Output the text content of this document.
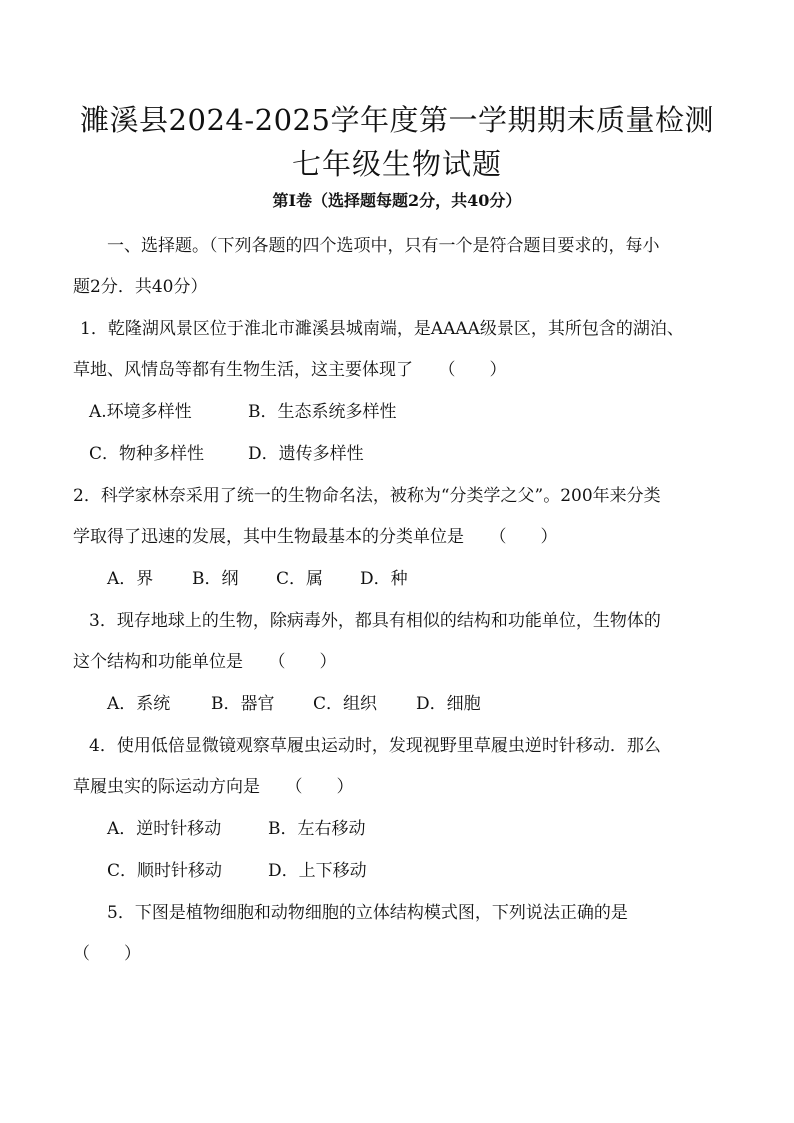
濉溪县2024-2025学年度第一学期期末质量检测
七年级生物试题
第Ⅰ卷（选择题每题2分，共40分）
一、选择题。（下列各题的四个选项中，只有一个是符合题目要求的，每小
题2分．共40分）
1．乾隆湖风景区位于淮北市濉溪县城南端，是AAAA级景区，其所包含的湖泊、
草地、风情岛等都有生物生活，这主要体现了　　（　　）
A.环境多样性	B．生态系统多样性
C．物种多样性	D．遗传多样性
2．科学家林奈采用了统一的生物命名法，被称为“分类学之父”。200年来分类
学取得了迅速的发展，其中生物最基本的分类单位是　　（　　）
A．界 B．纲 C．属 D．种
3．现存地球上的生物，除病毒外，都具有相似的结构和功能单位，生物体的
这个结构和功能单位是　　（　　）
A．系统 B．器官 C．组织 D．细胞
4．使用低倍显微镜观察草履虫运动时，发现视野里草履虫逆时针移动．那么
草履虫实的际运动方向是　　（　　）
A．逆时针移动	B．左右移动
C．顺时针移动	D．上下移动
5．下图是植物细胞和动物细胞的立体结构模式图，下列说法正确的是
（　　）
